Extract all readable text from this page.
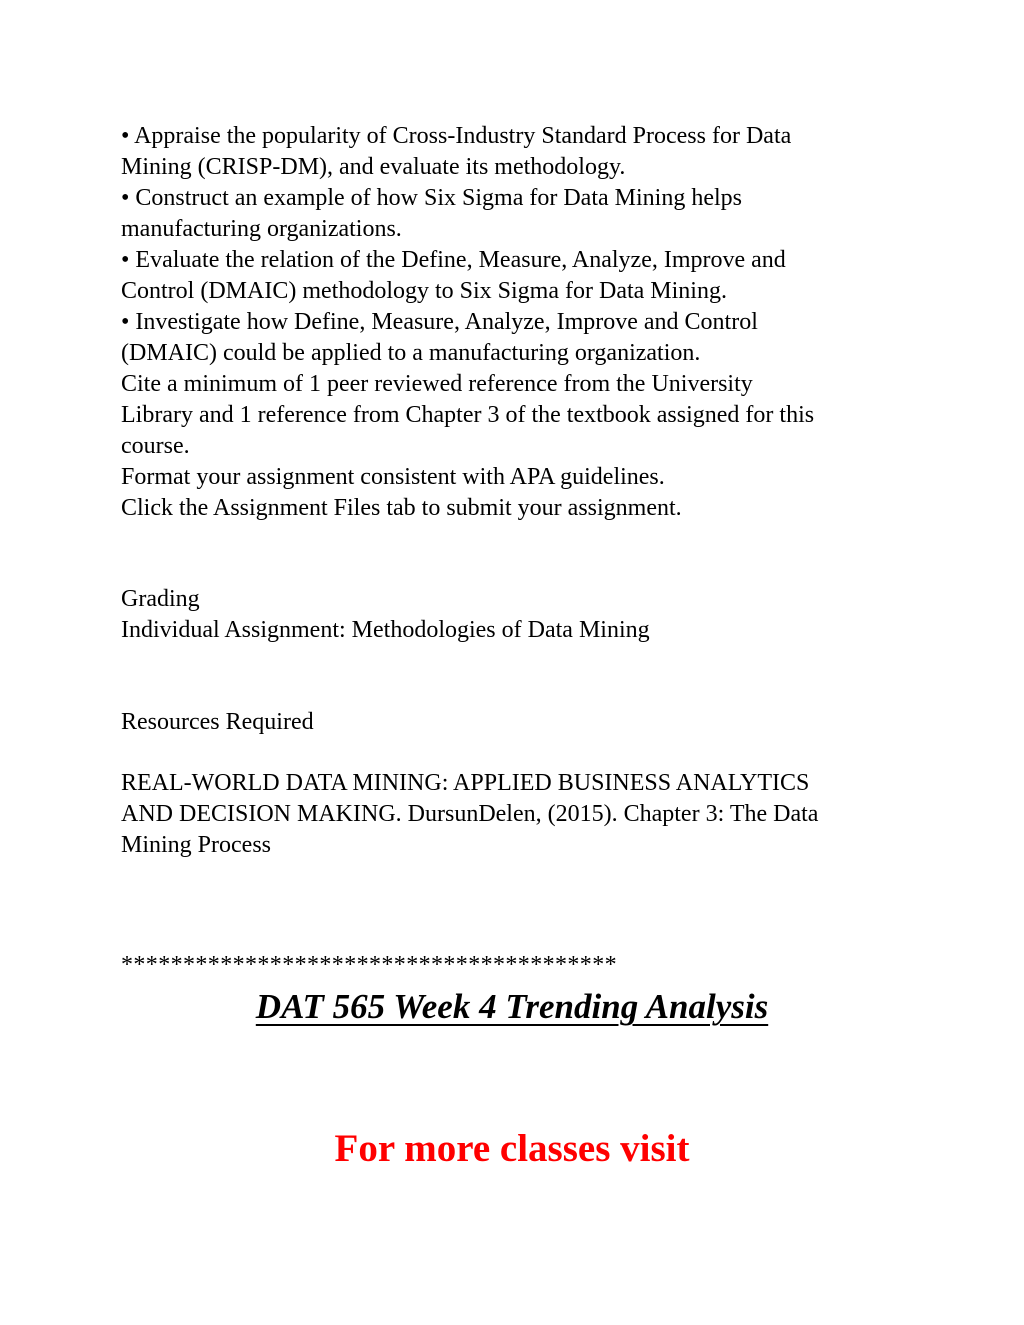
• Appraise the popularity of Cross-Industry Standard Process for Data
Mining (CRISP-DM), and evaluate its methodology.
• Construct an example of how Six Sigma for Data Mining helps
manufacturing organizations.
• Evaluate the relation of the Define, Measure, Analyze, Improve and
Control (DMAIC) methodology to Six Sigma for Data Mining.
• Investigate how Define, Measure, Analyze, Improve and Control
(DMAIC) could be applied to a manufacturing organization.
Cite a minimum of 1 peer reviewed reference from the University
Library and 1 reference from Chapter 3 of the textbook assigned for this
course.
Format your assignment consistent with APA guidelines.
Click the Assignment Files tab to submit your assignment.
Grading
Individual Assignment: Methodologies of Data Mining
Resources Required
REAL-WORLD DATA MINING: APPLIED BUSINESS ANALYTICS
AND DECISION MAKING. DursunDelen, (2015). Chapter 3: The Data
Mining Process
****************************************
DAT 565 Week 4 Trending Analysis
For more classes visit
